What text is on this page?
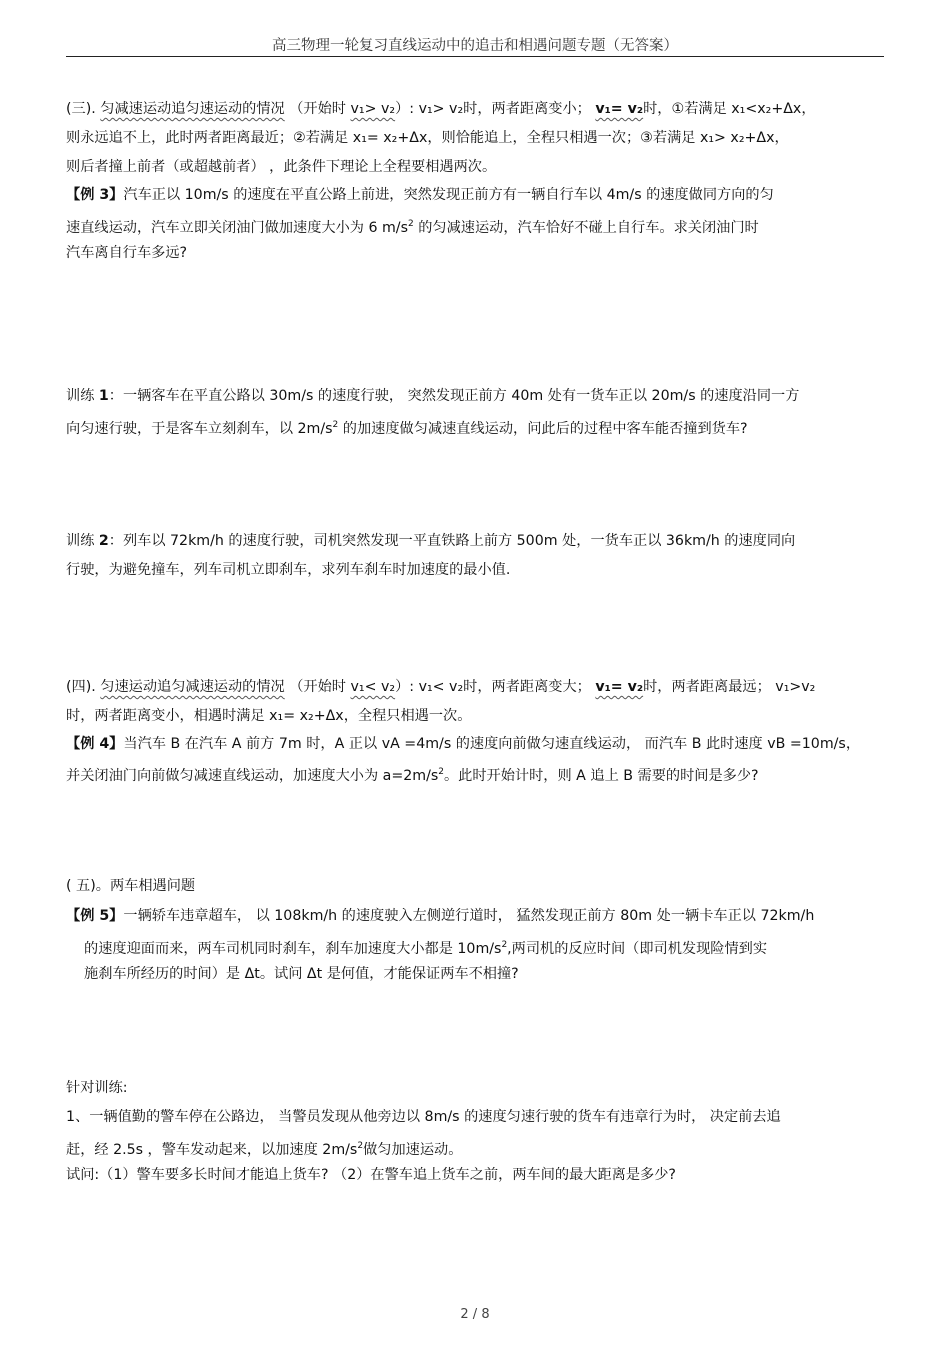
高三物理一轮复习直线运动中的追击和相遇问题专题（无答案）
(三). 匀减速运动追匀速运动的情况 （开始时 v₁> v₂）: v₁> v₂时，两者距离变小； v₁= v₂时，①若满足 x₁<x₂+Δx，
则永远追不上，此时两者距离最近；②若满足 x₁= x₂+Δx，则恰能追上，全程只相遇一次；③若满足 x₁> x₂+Δx，
则后者撞上前者（或超越前者） ，此条件下理论上全程要相遇两次。
【例 3】汽车正以 10m/s 的速度在平直公路上前进，突然发现正前方有一辆自行车以 4m/s 的速度做同方向的匀
速直线运动，汽车立即关闭油门做加速度大小为 6 $m/s^2$ 的匀减速运动，汽车恰好不碰上自行车。求关闭油门时
汽车离自行车多远?
训练 1：一辆客车在平直公路以 30m/s 的速度行驶， 突然发现正前方 40m 处有一货车正以 20m/s 的速度沿同一方
向匀速行驶，于是客车立刻刹车，以 $2m/s^2$ 的加速度做匀减速直线运动，问此后的过程中客车能否撞到货车?
训练 2：列车以 72km/h 的速度行驶，司机突然发现一平直铁路上前方 500m 处，一货车正以 36km/h 的速度同向
行驶，为避免撞车，列车司机立即刹车，求列车刹车时加速度的最小值.
(四). 匀速运动追匀减速运动的情况 （开始时 v₁< v₂）: v₁< v₂时，两者距离变大； v₁= v₂时，两者距离最远； v₁>v₂
时，两者距离变小，相遇时满足 x₁= x₂+Δx，全程只相遇一次。
【例 4】当汽车 B 在汽车 A 前方 7m 时，A 正以 vA =4m/s 的速度向前做匀速直线运动， 而汽车 B 此时速度 vB =10m/s，
并关闭油门向前做匀减速直线运动，加速度大小为 $a=2m/s^2$。此时开始计时，则 A 追上 B 需要的时间是多少?
( 五)。两车相遇问题
【例 5】一辆轿车违章超车， 以 108km/h 的速度驶入左侧逆行道时， 猛然发现正前方 80m 处一辆卡车正以 72km/h
的速度迎面而来，两车司机同时刹车，刹车加速度大小都是 $10m/s^2$,两司机的反应时间（即司机发现险情到实
施刹车所经历的时间）是 Δt。试问 Δt 是何值，才能保证两车不相撞?
针对训练:
1、一辆值勤的警车停在公路边， 当警员发现从他旁边以 8m/s 的速度匀速行驶的货车有违章行为时， 决定前去追
赶，经 2.5s ，警车发动起来，以加速度 $2m/s^2$做匀加速运动。
试问:（1）警车要多长时间才能追上货车? （2）在警车追上货车之前，两车间的最大距离是多少?
2 / 8
